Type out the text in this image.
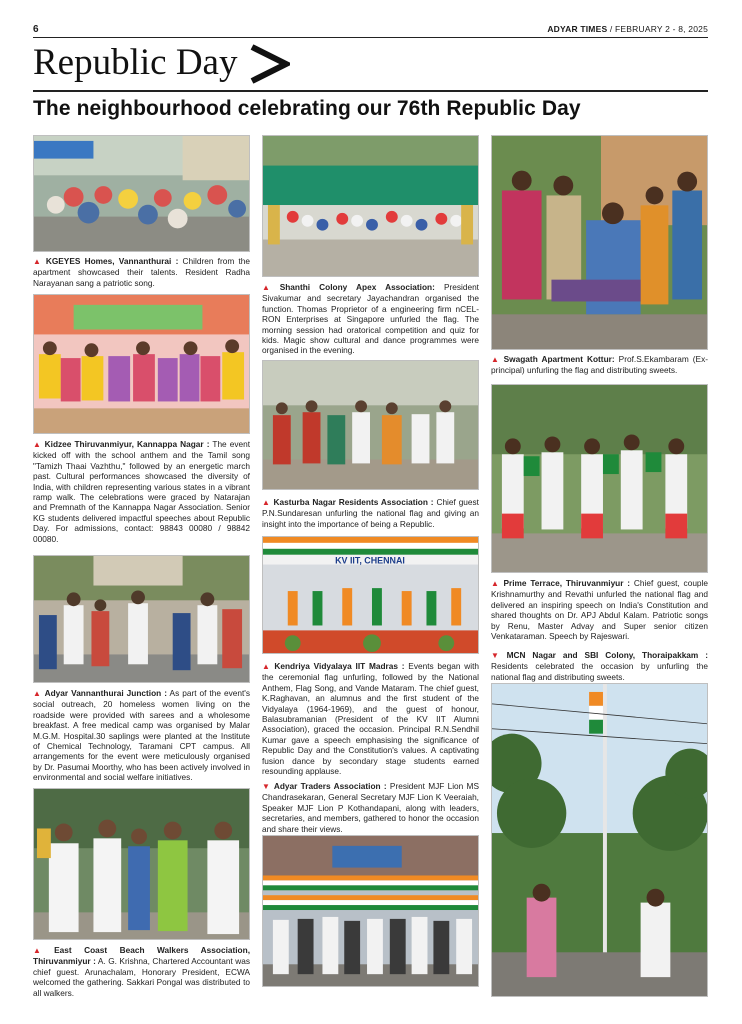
6	ADYAR TIMES / FEBRUARY 2 - 8, 2025
Republic Day
The neighbourhood celebrating our 76th Republic Day
▲ KGEYES Homes, Vannanthurai : Children from the apartment showcased their talents. Resident Radha Narayanan sang a patriotic song.
▲ Kidzee Thiruvanmiyur, Kannappa Nagar : The event kicked off with the school anthem and the Tamil song "Tamizh Thaai Vazhthu," followed by an energetic march past. Cultural performances showcased the diversity of India, with children representing various states in a vibrant ramp walk. The celebrations were graced by Natarajan and Premnath of the Kannappa Nagar Association. Senior KG students delivered impactful speeches about Republic Day. For admissions, contact: 98843 00080 / 98842 00080.
▲ Adyar Vannanthurai Junction : As part of the event's social outreach, 20 homeless women living on the roadside were provided with sarees and a wholesome breakfast. A free medical camp was organised by Malar M.G.M. Hospital.30 saplings were planted at the Institute of Chemical Technology, Taramani CPT campus. All arrangements for the event were meticulously organised by Dr. Pasumai Moorthy, who has been actively involved in environmental and social welfare initiatives.
▲ East Coast Beach Walkers Association, Thiruvanmiyur : A. G. Krishna, Chartered Accountant was chief guest. Arunachalam, Honorary President, ECWA welcomed the gathering. Sakkari Pongal was distributed to all walkers.
▲ Shanthi Colony Apex Association: President Sivakumar and secretary Jayachandran organised the function. Thomas Proprietor of a engineering firm nCEL-RON Enterprises at Singapore unfurled the flag. The morning session had oratorical competition and quiz for kids. Magic show cultural and dance programmes were organised in the evening.
▲ Kasturba Nagar Residents Association : Chief guest P.N.Sundaresan unfurling the national flag and giving an insight into the importance of being a Republic.
KV IIT, CHENNAI
▲ Kendriya Vidyalaya IIT Madras : Events began with the ceremonial flag unfurling, followed by the National Anthem, Flag Song, and Vande Mataram. The chief guest, K.Raghavan, an alumnus and the first student of the Vidyalaya (1964-1969), and the guest of honour, Balasubramanian (President of the KV IIT Alumni Association), graced the occasion. Principal R.N.Sendhil Kumar gave a speech emphasising the significance of Republic Day and the Constitution's values. A captivating fusion dance by secondary stage students earned resounding applause.
▼ Adyar Traders Association : President MJF Lion MS Chandrasekaran, General Secretary MJF Lion K Veeraiah, Speaker MJF Lion P Kothandapani, along with leaders, secretaries, and members, gathered to honor the occasion and share their views.
▲ Swagath Apartment Kottur: Prof.S.Ekambaram (Ex-principal) unfurling the flag and distributing sweets.
▲ Prime Terrace, Thiruvanmiyur : Chief guest, couple Krishnamurthy and Revathi unfurled the national flag and delivered an inspiring speech on India's Constitution and shared thoughts on Dr. APJ Abdul Kalam. Patriotic songs by Renu, Master Advay and Super senior citizen Venkataraman. Speech by Rajeswari.
▼ MCN Nagar and SBI Colony, Thoraipakkam : Residents celebrated the occasion by unfurling the national flag and distributing sweets.
